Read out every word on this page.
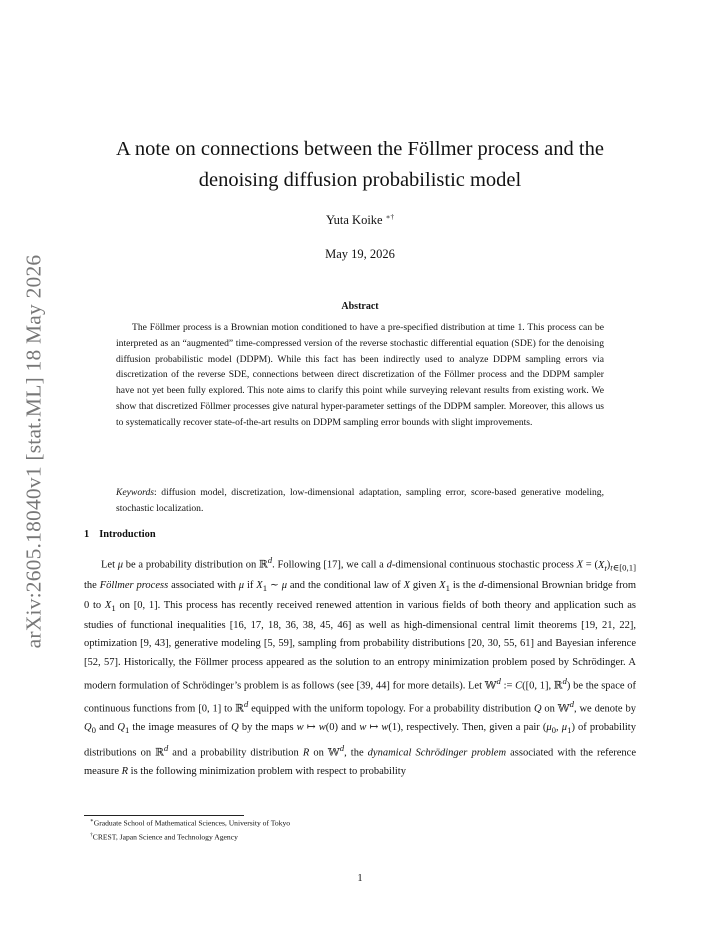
arXiv:2605.18040v1 [stat.ML] 18 May 2026
A note on connections between the Föllmer process and the denoising diffusion probabilistic model
Yuta Koike ∗†
May 19, 2026
Abstract
The Föllmer process is a Brownian motion conditioned to have a pre-specified distribution at time 1. This process can be interpreted as an “augmented” time-compressed version of the reverse stochastic differential equation (SDE) for the denoising diffusion probabilistic model (DDPM). While this fact has been indirectly used to analyze DDPM sampling errors via discretization of the reverse SDE, connections between direct discretization of the Föllmer process and the DDPM sampler have not yet been fully explored. This note aims to clarify this point while surveying relevant results from existing work. We show that discretized Föllmer processes give natural hyper-parameter settings of the DDPM sampler. Moreover, this allows us to systematically recover state-of-the-art results on DDPM sampling error bounds with slight improvements.
Keywords: diffusion model, discretization, low-dimensional adaptation, sampling error, score-based generative modeling, stochastic localization.
1 Introduction
Let μ be a probability distribution on ℝ$^d$. Following [17], we call a d-dimensional continuous stochastic process $X = (X_t)_{t\in[0,1]}$ the Föllmer process associated with μ if $X_1$ ∼ μ and the conditional law of X given $X_1$ is the d-dimensional Brownian bridge from 0 to $X_1$ on [0, 1]. This process has recently received renewed attention in various fields of both theory and application such as studies of functional inequalities [16, 17, 18, 36, 38, 45, 46] as well as high-dimensional central limit theorems [19, 21, 22], optimization [9, 43], generative modeling [5, 59], sampling from probability distributions [20, 30, 55, 61] and Bayesian inference [52, 57]. Historically, the Föllmer process appeared as the solution to an entropy minimization problem posed by Schrödinger. A modern formulation of Schrödinger’s problem is as follows (see [39, 44] for more details). Let 𝕎$^d$ := C([0, 1], ℝ$^d$) be the space of continuous functions from [0, 1] to ℝ$^d$ equipped with the uniform topology. For a probability distribution Q on 𝕎$^d$, we denote by $Q_0$ and $Q_1$ the image measures of Q by the maps w ↦ w(0) and w ↦ w(1), respectively. Then, given a pair ($\mu_0$, $\mu_1$) of probability distributions on ℝ$^d$ and a probability distribution R on 𝕎$^d$, the dynamical Schrödinger problem associated with the reference measure R is the following minimization problem with respect to probability
∗Graduate School of Mathematical Sciences, University of Tokyo
†CREST, Japan Science and Technology Agency
1
